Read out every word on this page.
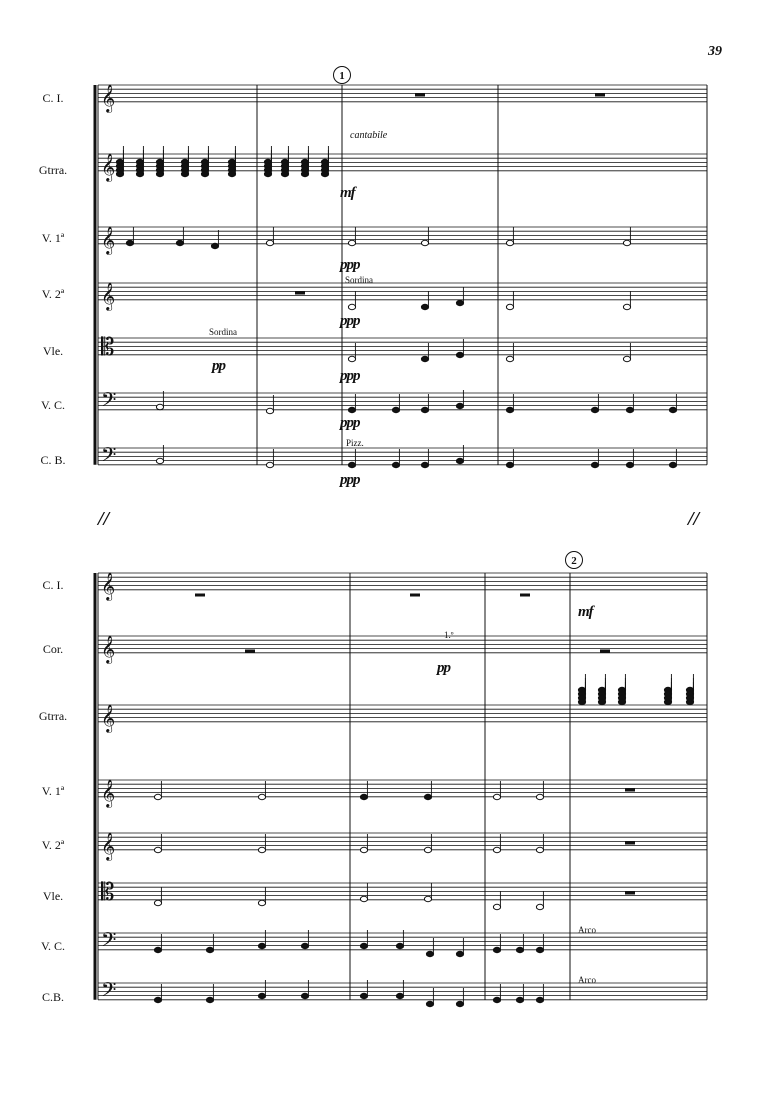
39
𝄞
𝄞
𝄞
𝄞
𝄡
𝄢
𝄢
𝄞
𝄞
𝄞
𝄞
𝄞
𝄡
𝄢
𝄢
C. I.
Gtrra.
V. 1ª
V. 2ª
Vle.
V. C.
C. B.
1
Sordina
pp
cantabile
mf
ppp
Sordina
ppp
ppp
ppp
Pizz.
ppp
//	//
C. I.
Cor.
Gtrra.
V. 1ª
V. 2ª
Vle.
V. C.
C.B.
2
mf
1.º
pp
Arco
Arco
